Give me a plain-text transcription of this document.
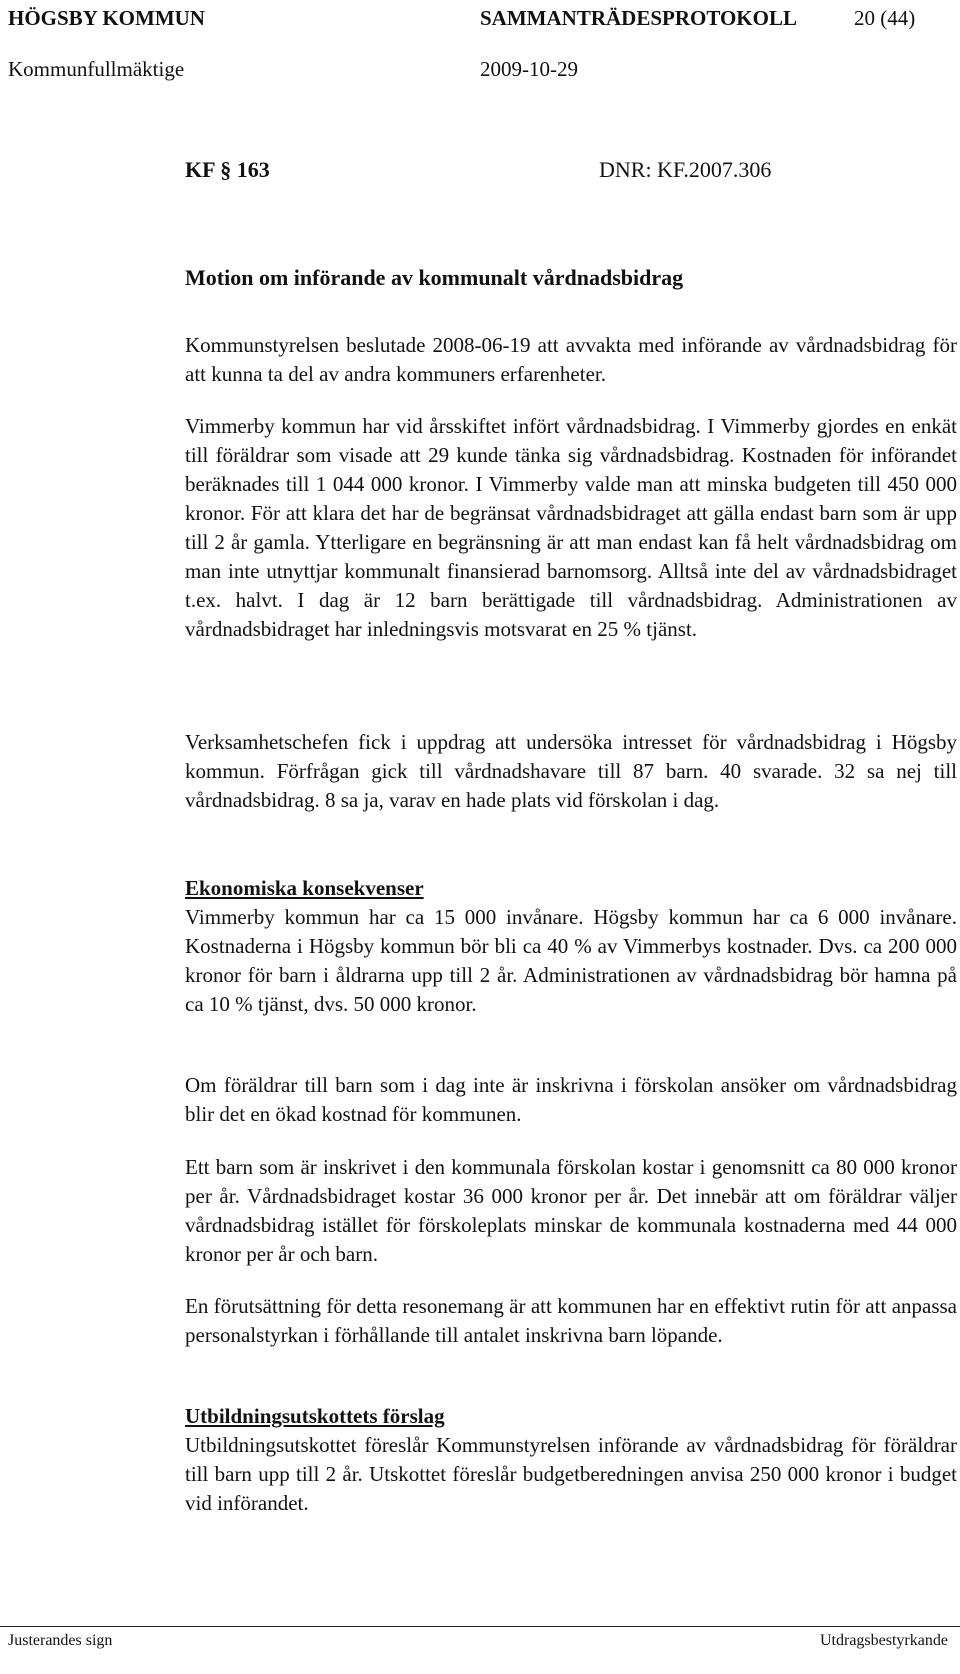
HÖGSBY KOMMUN	SAMMANTRÄDESPROTOKOLL	20 (44)
Kommunfullmäktige	2009-10-29
KF § 163	DNR: KF.2007.306
Motion om införande av kommunalt vårdnadsbidrag

Kommunstyrelsen beslutade 2008-06-19 att avvakta med införande av vårdnadsbidrag för att kunna ta del av andra kommuners erfarenheter.

Vimmerby kommun har vid årsskiftet infört vårdnadsbidrag. I Vimmerby gjordes en enkät till föräldrar som visade att 29 kunde tänka sig vårdnadsbidrag. Kostnaden för införandet beräknades till 1 044 000 kronor. I Vimmerby valde man att minska budgeten till 450 000 kronor. För att klara det har de begränsat vårdnadsbidraget att gälla endast barn som är upp till 2 år gamla. Ytterligare en begränsning är att man endast kan få helt vårdnadsbidrag om man inte utnyttjar kommunalt finansierad barnomsorg. Alltså inte del av vårdnadsbidraget t.ex. halvt. I dag är 12 barn berättigade till vårdnadsbidrag. Administrationen av vårdnadsbidraget har inledningsvis motsvarat en 25 % tjänst.

Verksamhetschefen fick i uppdrag att undersöka intresset för vårdnadsbidrag i Högsby kommun. Förfrågan gick till vårdnadshavare till 87 barn. 40 svarade. 32 sa nej till vårdnadsbidrag. 8 sa ja, varav en hade plats vid förskolan i dag.

Ekonomiska konsekvenser

Vimmerby kommun har ca 15 000 invånare. Högsby kommun har ca 6 000 invånare. Kostnaderna i Högsby kommun bör bli ca 40 % av Vimmerbys kostnader. Dvs. ca 200 000 kronor för barn i åldrarna upp till 2 år. Administrationen av vårdnadsbidrag bör hamna på ca 10 % tjänst, dvs. 50 000 kronor.

Om föräldrar till barn som i dag inte är inskrivna i förskolan ansöker om vårdnadsbidrag blir det en ökad kostnad för kommunen.

Ett barn som är inskrivet i den kommunala förskolan kostar i genomsnitt ca 80 000 kronor per år. Vårdnadsbidraget kostar 36 000 kronor per år. Det innebär att om föräldrar väljer vårdnadsbidrag istället för förskoleplats minskar de kommunala kostnaderna med 44 000 kronor per år och barn.

En förutsättning för detta resonemang är att kommunen har en effektivt rutin för att anpassa personalstyrkan i förhållande till antalet inskrivna barn löpande.

Utbildningsutskottets förslag

Utbildningsutskottet föreslår Kommunstyrelsen införande av vårdnadsbidrag för föräldrar till barn upp till 2 år. Utskottet föreslår budgetberedningen anvisa 250 000 kronor i budget vid införandet.

Justerandes sign	Utdragsbestyrkande
